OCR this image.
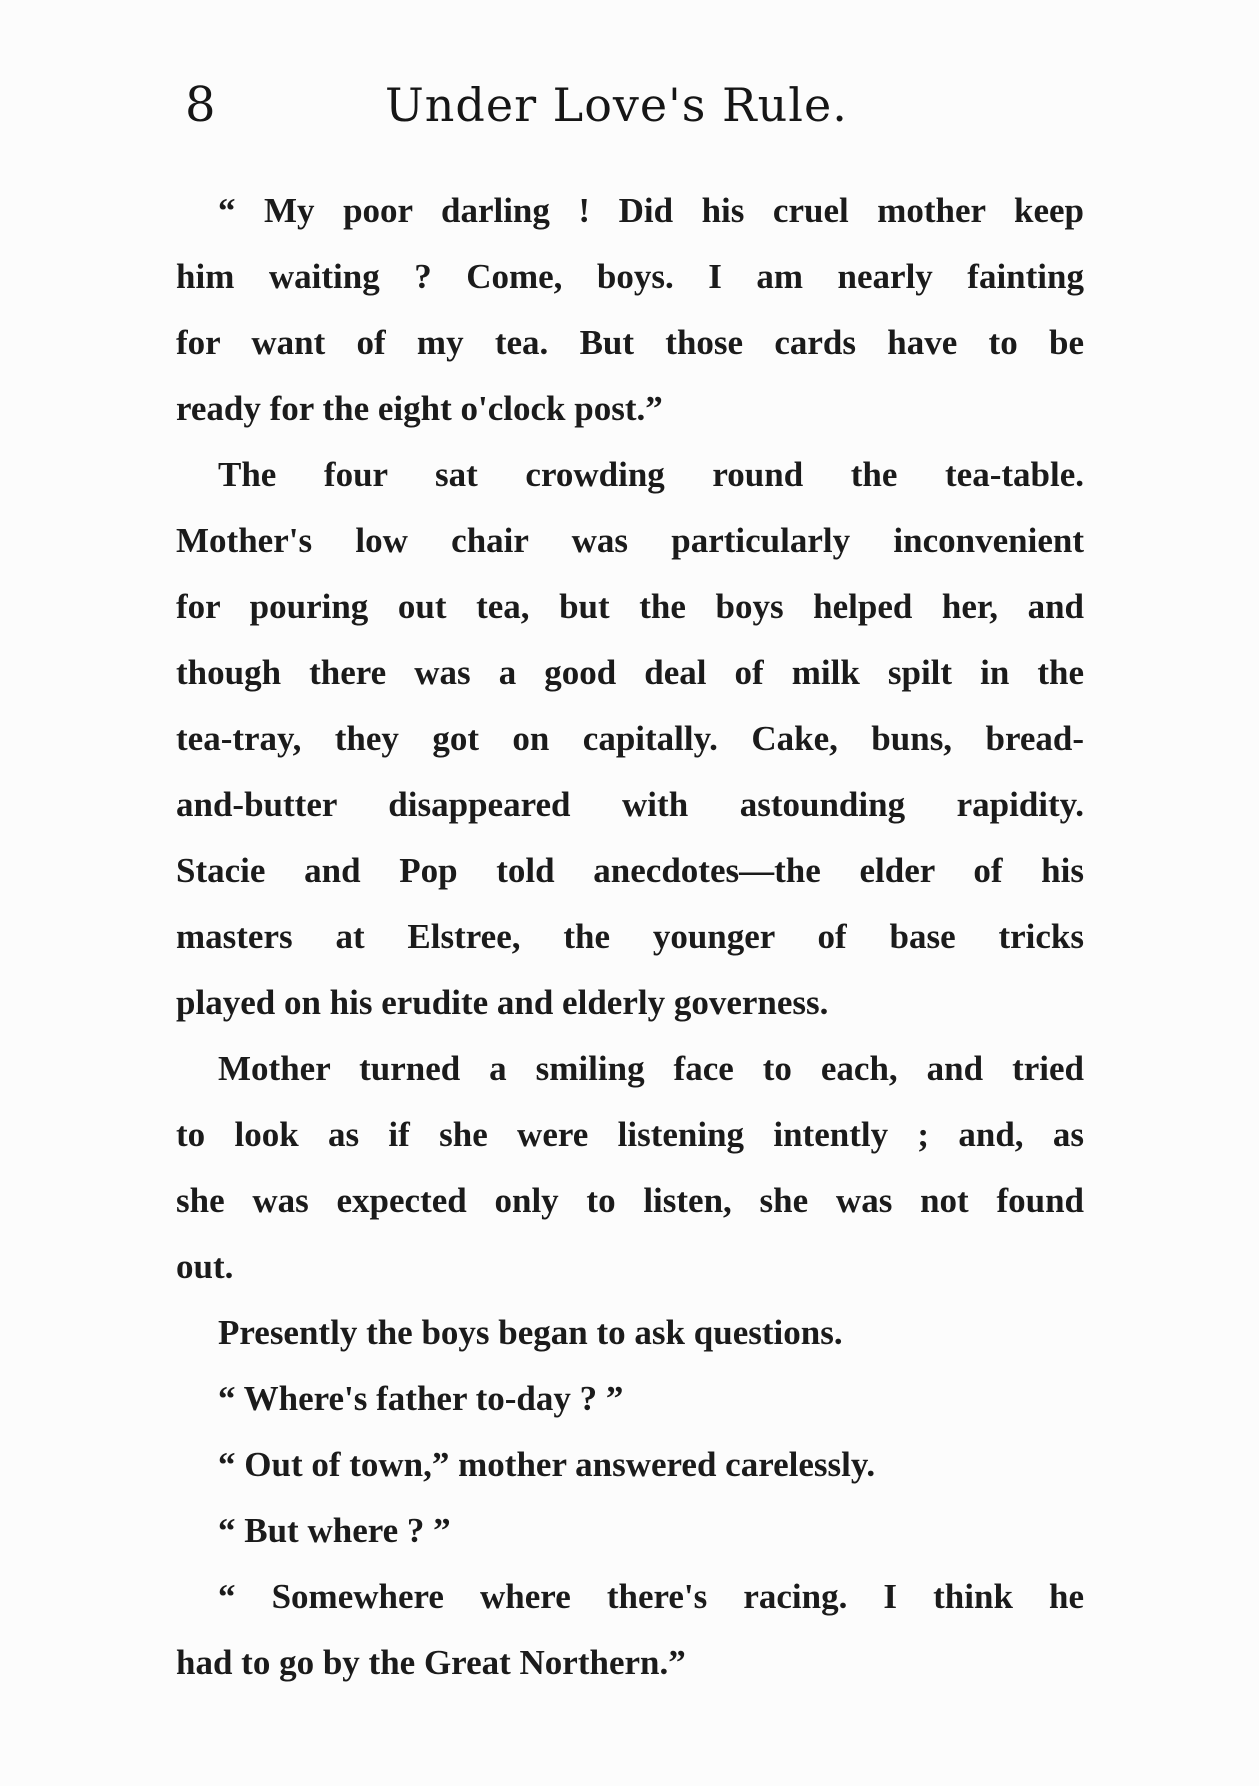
8	Under Love's Rule.
“ My poor darling ! Did his cruel mother keep
him waiting ? Come, boys. I am nearly fainting
for want of my tea. But those cards have to be
ready for the eight o'clock post.”
The four sat crowding round the tea-table.
Mother's low chair was particularly inconvenient
for pouring out tea, but the boys helped her, and
though there was a good deal of milk spilt in the
tea-tray, they got on capitally. Cake, buns, bread-
and-butter disappeared with astounding rapidity.
Stacie and Pop told anecdotes—the elder of his
masters at Elstree, the younger of base tricks
played on his erudite and elderly governess.
Mother turned a smiling face to each, and tried
to look as if she were listening intently ; and, as
she was expected only to listen, she was not found
out.
Presently the boys began to ask questions.
“ Where's father to-day ? ”
“ Out of town,” mother answered carelessly.
“ But where ? ”
“ Somewhere where there's racing. I think he
had to go by the Great Northern.”
